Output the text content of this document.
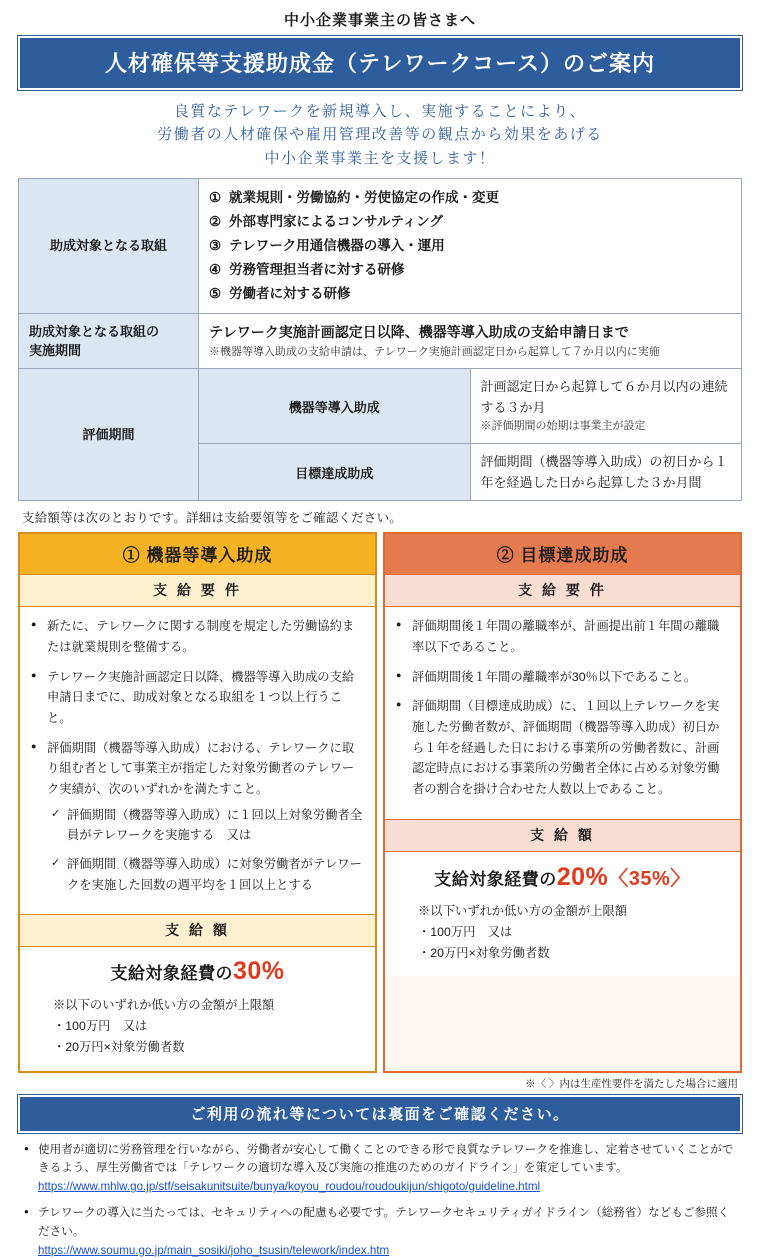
中小企業事業主の皆さまへ
人材確保等支援助成金（テレワークコース）のご案内
良質なテレワークを新規導入し、実施することにより、
労働者の人材確保や雇用管理改善等の観点から効果をあげる
中小企業事業主を支援します！
助成対象となる取組	
① 就業規則・労働協約・労使協定の作成・変更
② 外部専門家によるコンサルティング
③ テレワーク用通信機器の導入・運用
④ 労務管理担当者に対する研修
⑤ 労働者に対する研修

助成対象となる取組の
実施期間

テレワーク実施計画認定日以降、機器等導入助成の支給申請日まで
※機器等導入助成の支給申請は、テレワーク実施計画認定日から起算して７か月以内に実施

評価期間	機器等導入助成	計画認定日から起算して６か月以内の連続する３か月
※評価期間の始期は事業主が設定

	目標達成助成	評価期間（機器等導入助成）の初日から１年を経過した日から起算した３か月間
支給額等は次のとおりです。詳細は支給要領等をご確認ください。
① 機器等導入助成
支 給 要 件
● 新たに、テレワークに関する制度を規定した労働協約または就業規則を整備する。
● テレワーク実施計画認定日以降、機器等導入助成の支給申請日までに、助成対象となる取組を１つ以上行うこと。
● 評価期間（機器等導入助成）における、テレワークに取り組む者として事業主が指定した対象労働者のテレワーク実績が、次のいずれかを満たすこと。
✓ 評価期間（機器等導入助成）に１回以上対象労働者全員がテレワークを実施する　又は
✓ 評価期間（機器等導入助成）に対象労働者がテレワークを実施した回数の週平均を１回以上とする
支 給 額
支給対象経費の30%
※以下のいずれか低い方の金額が上限額
・100万円　又は
・20万円×対象労働者数
② 目標達成助成
支 給 要 件
● 評価期間後１年間の離職率が、計画提出前１年間の離職率以下であること。
● 評価期間後１年間の離職率が30％以下であること。
● 評価期間（目標達成助成）に、１回以上テレワークを実施した労働者数が、評価期間（機器等導入助成）初日から１年を経過した日における事業所の労働者数に、計画認定時点における事業所の労働者全体に占める対象労働者の割合を掛け合わせた人数以上であること。
支 給 額
支給対象経費の20%〈35%〉
※以下いずれか低い方の金額が上限額
・100万円　又は
・20万円×対象労働者数
※〈 〉内は生産性要件を満たした場合に適用
ご利用の流れ等については裏面をご確認ください。
● 使用者が適切に労務管理を行いながら、労働者が安心して働くことのできる形で良質なテレワークを推進し、定着させていくことができるよう、厚生労働省では「テレワークの適切な導入及び実施の推進のためのガイドライン」を策定しています。
https://www.mhlw.go.jp/stf/seisakunitsuite/bunya/koyou_roudou/roudoukijun/shigoto/guideline.html
● テレワークの導入に当たっては、セキュリティへの配慮も必要です。テレワークセキュリティガイドライン（総務省）などもご参照ください。
https://www.soumu.go.jp/main_sosiki/joho_tsusin/telework/index.htm
